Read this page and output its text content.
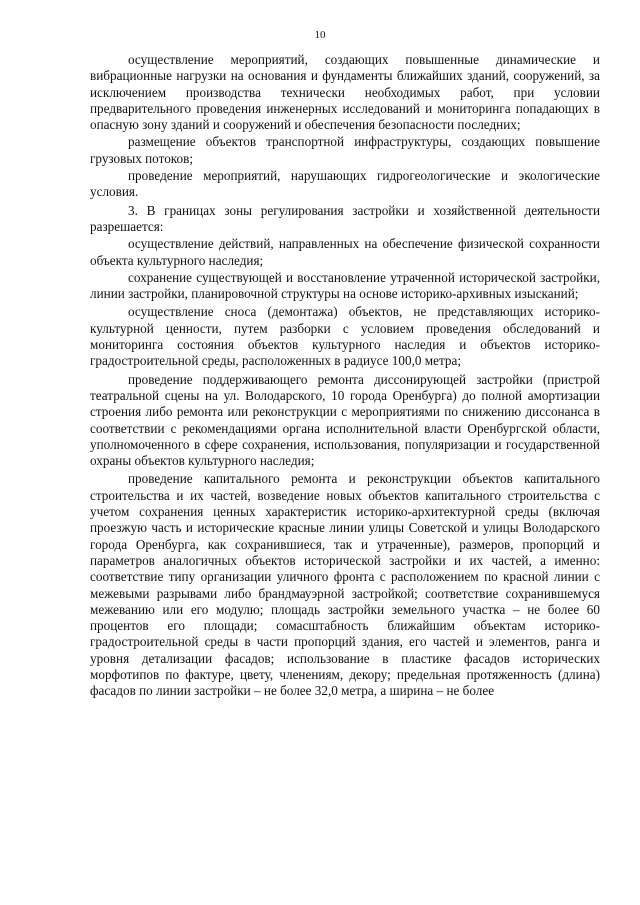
10

осуществление мероприятий, создающих повышенные динамические и вибрационные нагрузки на основания и фундаменты ближайших зданий, сооружений, за исключением производства технически необходимых работ, при условии предварительного проведения инженерных исследований и мониторинга попадающих в опасную зону зданий и сооружений и обеспечения безопасности последних;

размещение объектов транспортной инфраструктуры, создающих повышение грузовых потоков;

проведение мероприятий, нарушающих гидрогеологические и экологические условия.

3. В границах зоны регулирования застройки и хозяйственной деятельности разрешается:

осуществление действий, направленных на обеспечение физической сохранности объекта культурного наследия;

сохранение существующей и восстановление утраченной исторической застройки, линии застройки, планировочной структуры на основе историко-архивных изысканий;

осуществление сноса (демонтажа) объектов, не представляющих историко-культурной ценности, путем разборки с условием проведения обследований и мониторинга состояния объектов культурного наследия и объектов историко-градостроительной среды, расположенных в радиусе 100,0 метра;

проведение поддерживающего ремонта диссонирующей застройки (пристрой театральной сцены на ул. Володарского, 10 города Оренбурга) до полной амортизации строения либо ремонта или реконструкции с мероприятиями по снижению диссонанса в соответствии с рекомендациями органа исполнительной власти Оренбургской области, уполномоченного в сфере сохранения, использования, популяризации и государственной охраны объектов культурного наследия;

проведение капитального ремонта и реконструкции объектов капитального строительства и их частей, возведение новых объектов капитального строительства с учетом сохранения ценных характеристик историко-архитектурной среды (включая проезжую часть и исторические красные линии улицы Советской и улицы Володарского города Оренбурга, как сохранившиеся, так и утраченные), размеров, пропорций и параметров аналогичных объектов исторической застройки и их частей, а именно: соответствие типу организации уличного фронта с расположением по красной линии с межевыми разрывами либо брандмауэрной застройкой; соответствие сохранившемуся межеванию или его модулю; площадь застройки земельного участка – не более 60 процентов его площади; сомасштабность ближайшим объектам историко-градостроительной среды в части пропорций здания, его частей и элементов, ранга и уровня детализации фасадов; использование в пластике фасадов исторических морфотипов по фактуре, цвету, членениям, декору; предельная протяженность (длина) фасадов по линии застройки – не более 32,0 метра, а ширина – не более
